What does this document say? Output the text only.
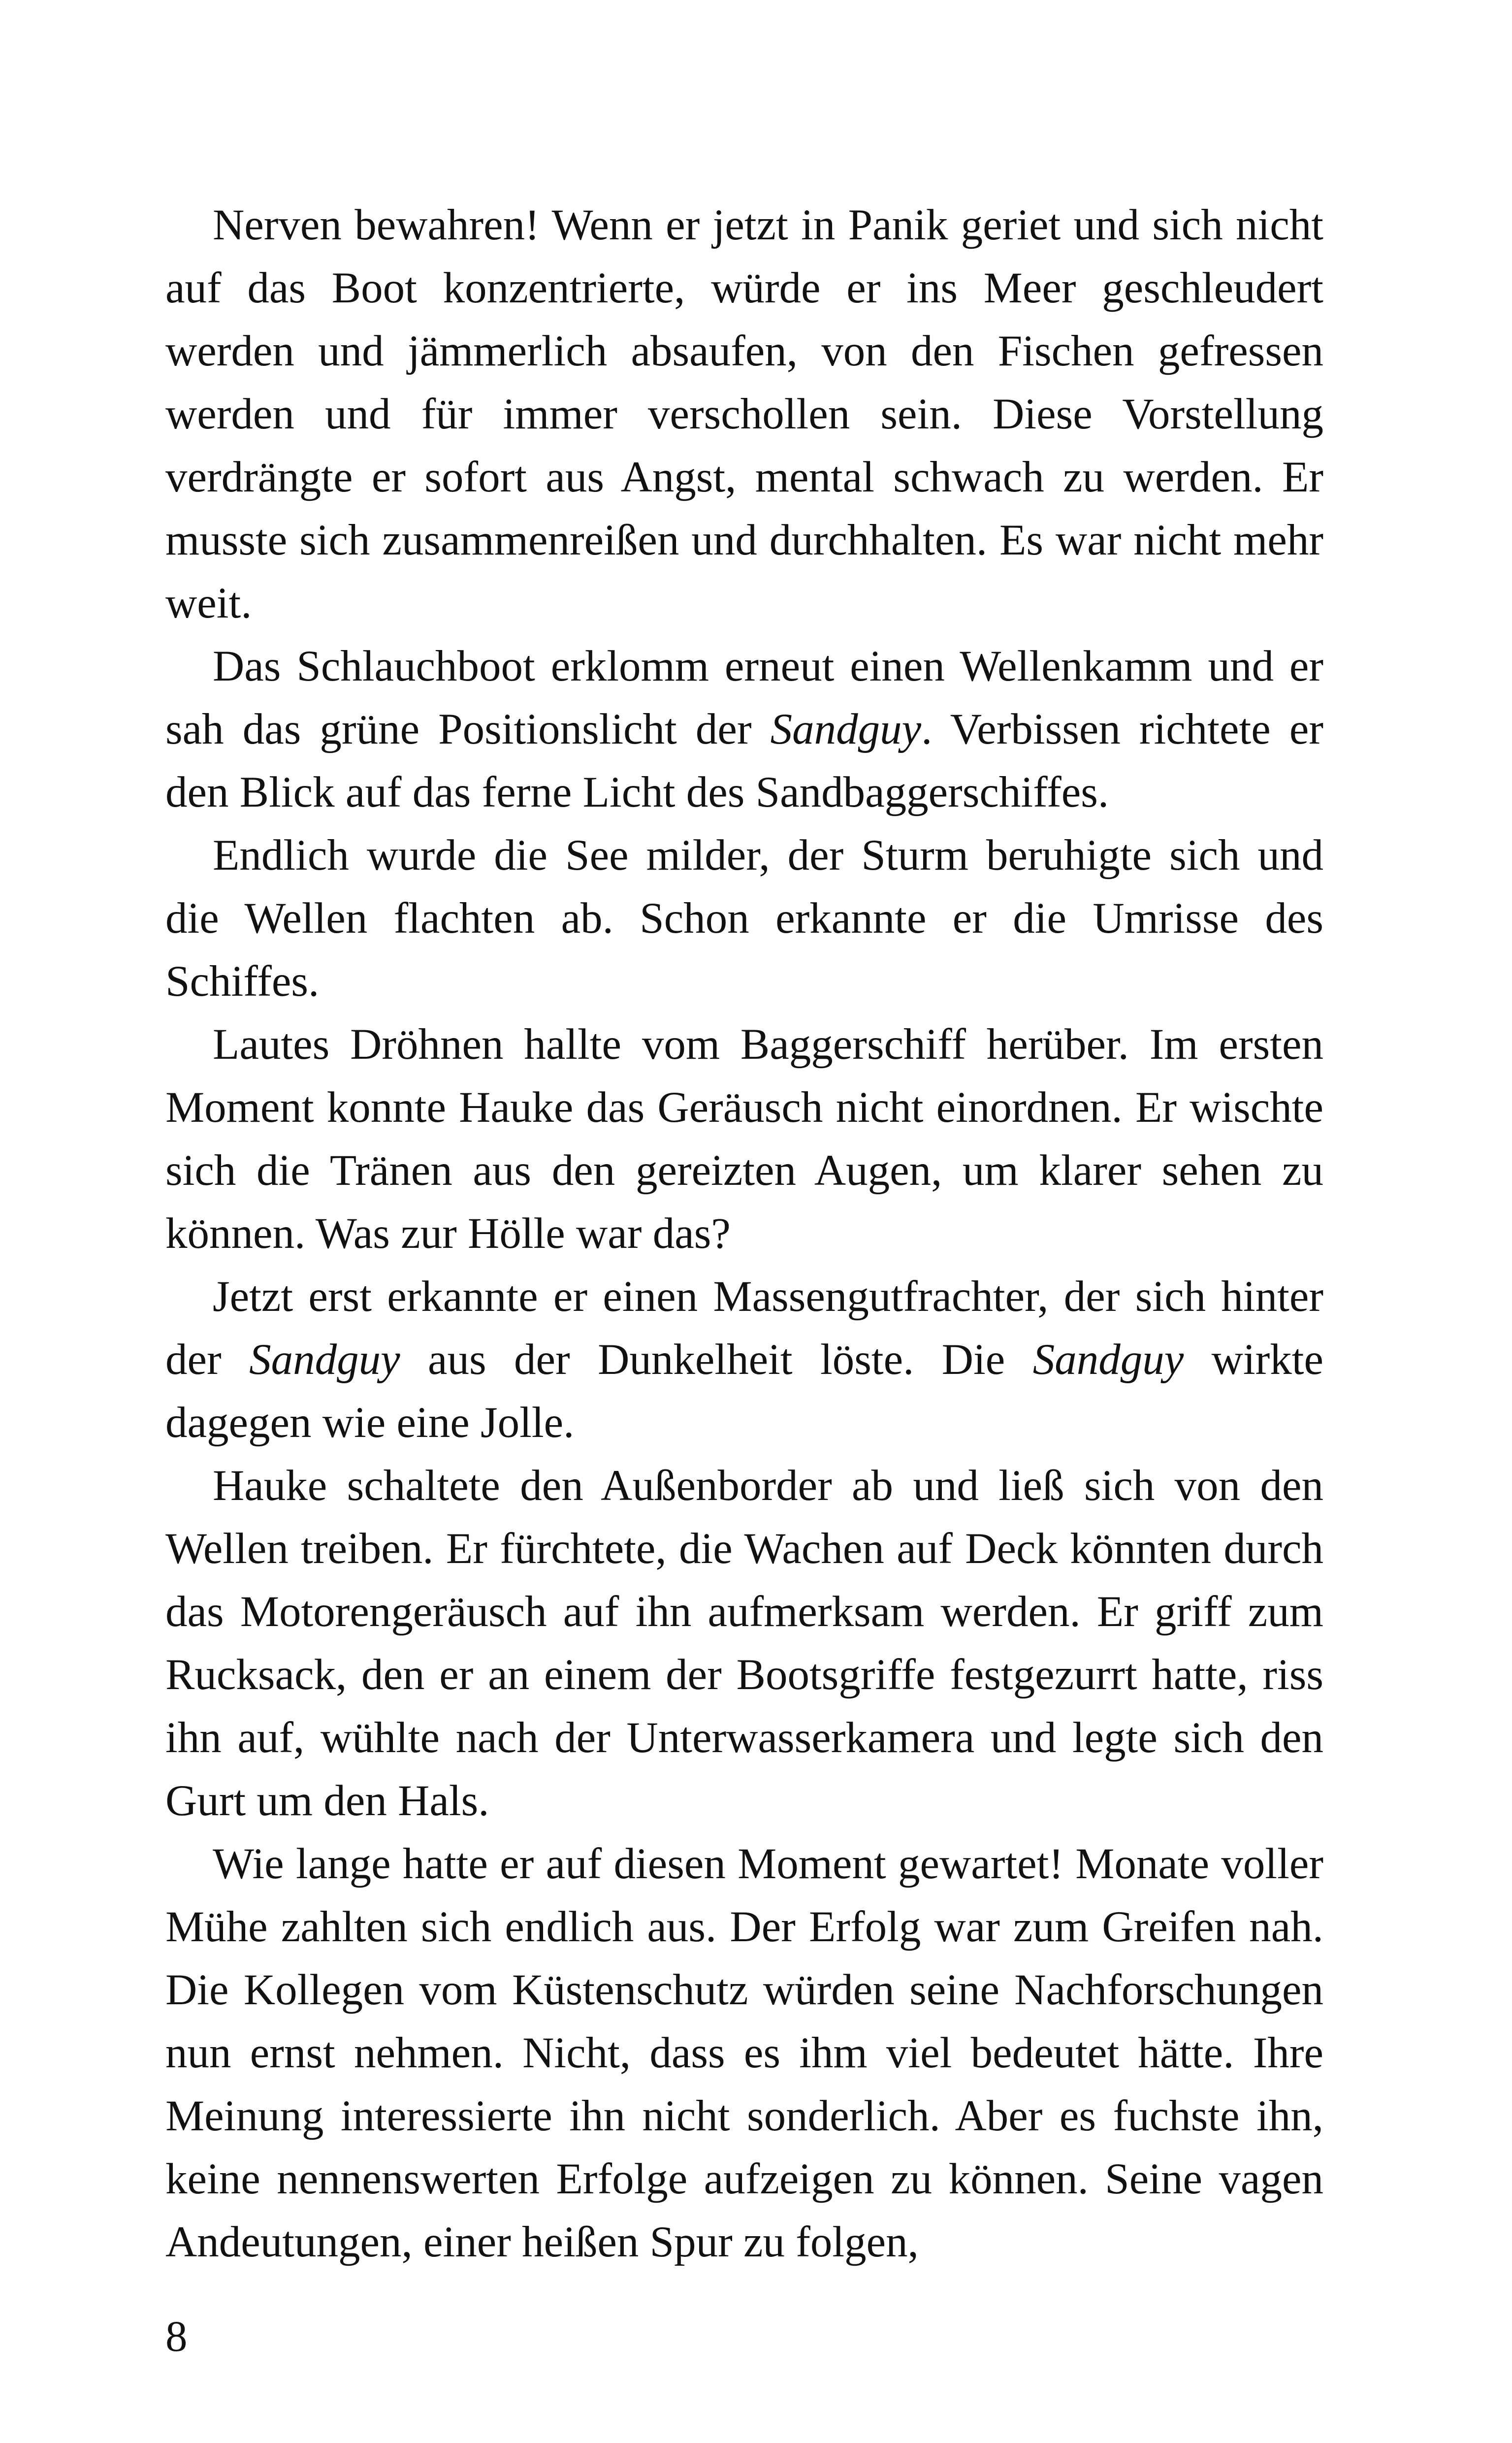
Nerven bewahren! Wenn er jetzt in Panik geriet und sich nicht auf das Boot konzentrierte, würde er ins Meer geschleudert werden und jämmerlich absaufen, von den Fischen gefressen werden und für immer verschollen sein. Diese Vorstellung verdrängte er sofort aus Angst, mental schwach zu werden. Er musste sich zusammenreißen und durchhalten. Es war nicht mehr weit.

Das Schlauchboot erklomm erneut einen Wellenkamm und er sah das grüne Positionslicht der Sandguy. Verbissen richtete er den Blick auf das ferne Licht des Sandbaggerschiffes.

Endlich wurde die See milder, der Sturm beruhigte sich und die Wellen flachten ab. Schon erkannte er die Umrisse des Schiffes.

Lautes Dröhnen hallte vom Baggerschiff herüber. Im ersten Moment konnte Hauke das Geräusch nicht einordnen. Er wischte sich die Tränen aus den gereizten Augen, um klarer sehen zu können. Was zur Hölle war das?

Jetzt erst erkannte er einen Massengutfrachter, der sich hinter der Sandguy aus der Dunkelheit löste. Die Sandguy wirkte dagegen wie eine Jolle.

Hauke schaltete den Außenborder ab und ließ sich von den Wellen treiben. Er fürchtete, die Wachen auf Deck könnten durch das Motorengeräusch auf ihn aufmerksam werden. Er griff zum Rucksack, den er an einem der Bootsgriffe festgezurrt hatte, riss ihn auf, wühlte nach der Unterwasserkamera und legte sich den Gurt um den Hals.

Wie lange hatte er auf diesen Moment gewartet! Monate voller Mühe zahlten sich endlich aus. Der Erfolg war zum Greifen nah. Die Kollegen vom Küstenschutz würden seine Nachforschungen nun ernst nehmen. Nicht, dass es ihm viel bedeutet hätte. Ihre Meinung interessierte ihn nicht sonderlich. Aber es fuchste ihn, keine nennenswerten Erfolge aufzeigen zu können. Seine vagen Andeutungen, einer heißen Spur zu folgen,

8
